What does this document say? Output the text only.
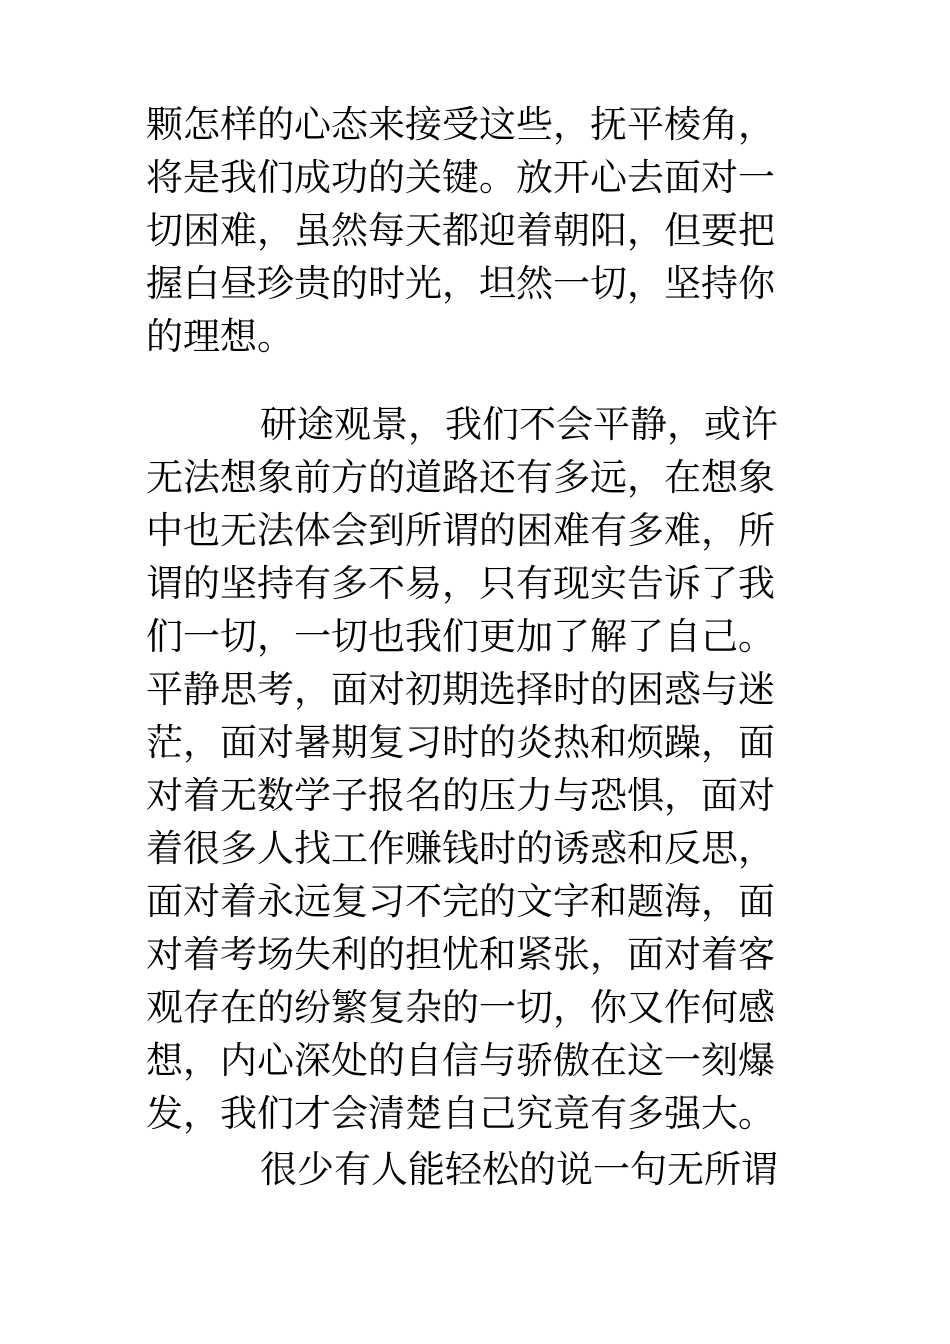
颗怎样的心态来接受这些，抚平棱角，
将是我们成功的关键。放开心去面对一
切困难，虽然每天都迎着朝阳，但要把
握白昼珍贵的时光，坦然一切，坚持你
的理想。
研途观景，我们不会平静，或许
无法想象前方的道路还有多远，在想象
中也无法体会到所谓的困难有多难，所
谓的坚持有多不易，只有现实告诉了我
们一切，一切也我们更加了解了自己。
平静思考，面对初期选择时的困惑与迷
茫，面对暑期复习时的炎热和烦躁，面
对着无数学子报名的压力与恐惧，面对
着很多人找工作赚钱时的诱惑和反思，
面对着永远复习不完的文字和题海，面
对着考场失利的担忧和紧张，面对着客
观存在的纷繁复杂的一切，你又作何感
想，内心深处的自信与骄傲在这一刻爆
发，我们才会清楚自己究竟有多强大。
很少有人能轻松的说一句无所谓
